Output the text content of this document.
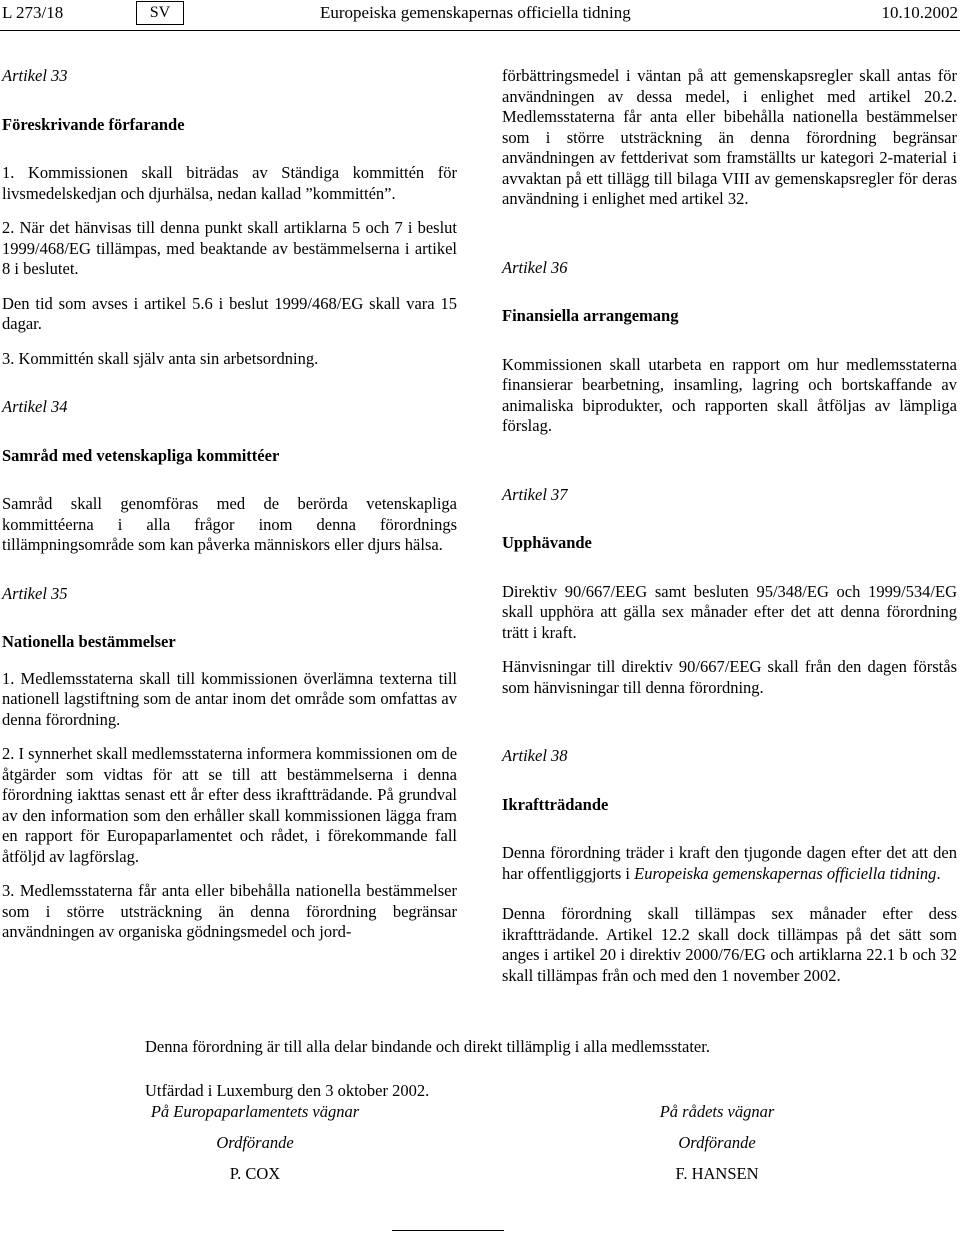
L 273/18	SV	Europeiska gemenskapernas officiella tidning	10.10.2002

Artikel 33

Föreskrivande förfarande

1. Kommissionen skall biträdas av Ständiga kommittén för livsmedelskedjan och djurhälsa, nedan kallad ”kommittén”.

2. När det hänvisas till denna punkt skall artiklarna 5 och 7 i beslut 1999/468/EG tillämpas, med beaktande av bestämmelserna i artikel 8 i beslutet.

Den tid som avses i artikel 5.6 i beslut 1999/468/EG skall vara 15 dagar.

3. Kommittén skall själv anta sin arbetsordning.

Artikel 34

Samråd med vetenskapliga kommittéer

Samråd skall genomföras med de berörda vetenskapliga kommittéerna i alla frågor inom denna förordnings tillämpningsområde som kan påverka människors eller djurs hälsa.

Artikel 35

Nationella bestämmelser

1. Medlemsstaterna skall till kommissionen överlämna texterna till nationell lagstiftning som de antar inom det område som omfattas av denna förordning.

2. I synnerhet skall medlemsstaterna informera kommissionen om de åtgärder som vidtas för att se till att bestämmelserna i denna förordning iakttas senast ett år efter dess ikraftträdande. På grundval av den information som den erhåller skall kommissionen lägga fram en rapport för Europaparlamentet och rådet, i förekommande fall åtföljd av lagförslag.

3. Medlemsstaterna får anta eller bibehålla nationella bestämmelser som i större utsträckning än denna förordning begränsar användningen av organiska gödningsmedel och jord-

förbättringsmedel i väntan på att gemenskapsregler skall antas för användningen av dessa medel, i enlighet med artikel 20.2. Medlemsstaterna får anta eller bibehålla nationella bestämmelser som i större utsträckning än denna förordning begränsar användningen av fettderivat som framställts ur kategori 2-material i avvaktan på ett tillägg till bilaga VIII av gemenskapsregler för deras användning i enlighet med artikel 32.

Artikel 36

Finansiella arrangemang

Kommissionen skall utarbeta en rapport om hur medlemsstaterna finansierar bearbetning, insamling, lagring och bortskaffande av animaliska biprodukter, och rapporten skall åtföljas av lämpliga förslag.

Artikel 37

Upphävande

Direktiv 90/667/EEG samt besluten 95/348/EG och 1999/534/EG skall upphöra att gälla sex månader efter det att denna förordning trätt i kraft.

Hänvisningar till direktiv 90/667/EEG skall från den dagen förstås som hänvisningar till denna förordning.

Artikel 38

Ikraftträdande

Denna förordning träder i kraft den tjugonde dagen efter det att den har offentliggjorts i Europeiska gemenskapernas officiella tidning.

Denna förordning skall tillämpas sex månader efter dess ikraftträdande. Artikel 12.2 skall dock tillämpas på det sätt som anges i artikel 20 i direktiv 2000/76/EG och artiklarna 22.1 b och 32 skall tillämpas från och med den 1 november 2002.

Denna förordning är till alla delar bindande och direkt tillämplig i alla medlemsstater.
Utfärdad i Luxemburg den 3 oktober 2002.
På Europaparlamentets vägnar
Ordförande
P. COX
På rådets vägnar
Ordförande
F. HANSEN
